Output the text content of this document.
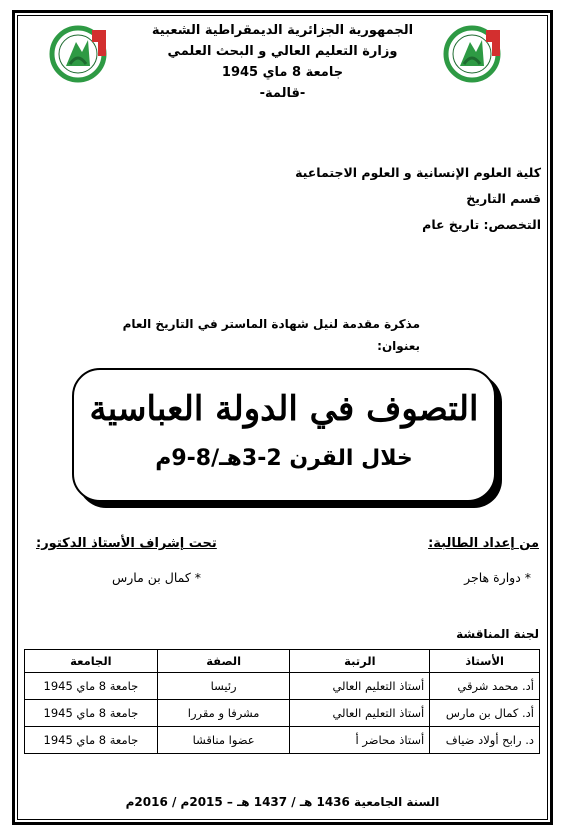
الجمهورية الجزائرية الديمقراطية الشعبية
وزارة التعليم العالي و البحث العلمي
جامعة 8 ماي 1945
-قالمة-
كلية العلوم الإنسانية و العلوم الاجتماعية
قسم التاريخ
التخصص: تاريخ عام
مذكرة مقدمة لنيل شهادة الماستر في التاريخ العام
بعنوان:
التصوف في الدولة العباسية
خلال القرن 2-3هـ/8-9م
من إعداد الطالبة:
تحت إشراف الأستاذ الدكتور:
* دوارة هاجر
* كمال بن مارس
لجنة المناقشة
الأستاذ	الرتبة	الصفة	الجامعة
أد. محمد شرقي	أستاذ التعليم العالي	رئيسا	جامعة 8 ماي 1945
أد. كمال بن مارس	أستاذ التعليم العالي	مشرفا و مقررا	جامعة 8 ماي 1945
د. رابح أولاد ضياف	أستاذ محاضر أ	عضوا مناقشا	جامعة 8 ماي 1945
السنة الجامعية 1436 هـ / 1437 هـ – 2015م / 2016م
